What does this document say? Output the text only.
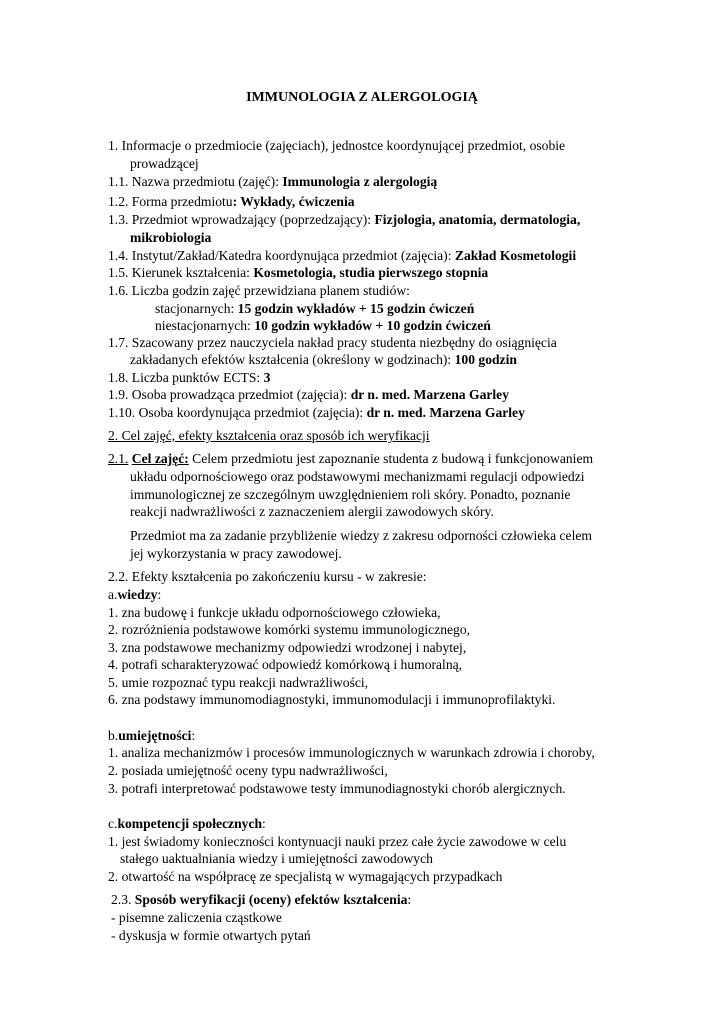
IMMUNOLOGIA Z ALERGOLOGIĄ
1. Informacje o przedmiocie (zajęciach), jednostce koordynującej przedmiot, osobie
prowadzącej
1.1. Nazwa przedmiotu (zajęć): Immunologia z alergologią
1.2. Forma przedmiotu: Wykłady, ćwiczenia
1.3. Przedmiot wprowadzający (poprzedzający): Fizjologia, anatomia, dermatologia,
mikrobiologia
1.4. Instytut/Zakład/Katedra koordynująca przedmiot (zajęcia): Zakład Kosmetologii
1.5. Kierunek kształcenia: Kosmetologia, studia pierwszego stopnia
1.6. Liczba godzin zajęć przewidziana planem studiów:
stacjonarnych: 15 godzin wykładów + 15 godzin ćwiczeń
niestacjonarnych: 10 godzin wykładów + 10 godzin ćwiczeń
1.7. Szacowany przez nauczyciela nakład pracy studenta niezbędny do osiągnięcia
zakładanych efektów kształcenia (określony w godzinach): 100 godzin
1.8. Liczba punktów ECTS: 3
1.9. Osoba prowadząca przedmiot (zajęcia): dr n. med. Marzena Garley
1.10. Osoba koordynująca przedmiot (zajęcia): dr n. med. Marzena Garley
2. Cel zajęć, efekty kształcenia oraz sposób ich weryfikacji
2.1. Cel zajęć: Celem przedmiotu jest zapoznanie studenta z budową i funkcjonowaniem
układu odpornościowego oraz podstawowymi mechanizmami regulacji odpowiedzi
immunologicznej ze szczególnym uwzględnieniem roli skóry. Ponadto, poznanie
reakcji nadwrażliwości z zaznaczeniem alergii zawodowych skóry.
Przedmiot ma za zadanie przybliżenie wiedzy z zakresu odporności człowieka celem
jej wykorzystania w pracy zawodowej.
2.2. Efekty kształcenia po zakończeniu kursu - w zakresie:
a.wiedzy:
1. zna budowę i funkcje układu odpornościowego człowieka,
2. rozróżnienia podstawowe komórki systemu immunologicznego,
3. zna podstawowe mechanizmy odpowiedzi wrodzonej i nabytej,
4. potrafi scharakteryzować odpowiedź komórkową i humoralną,
5. umie rozpoznać typu reakcji nadwrażliwości,
6. zna podstawy immunomodiagnostyki, immunomodulacji i immunoprofilaktyki.
b.umiejętności:
1. analiza mechanizmów i procesów immunologicznych w warunkach zdrowia i choroby,
2. posiada umiejętność oceny typu nadwrażliwości,
3. potrafi interpretować podstawowe testy immunodiagnostyki chorób alergicznych.
c.kompetencji społecznych:
1. jest świadomy konieczności kontynuacji nauki przez całe życie zawodowe w celu
stałego uaktualniania wiedzy i umiejętności zawodowych
2. otwartość na współpracę ze specjalistą w wymagających przypadkach
2.3. Sposób weryfikacji (oceny) efektów kształcenia:
- pisemne zaliczenia cząstkowe
- dyskusja w formie otwartych pytań
